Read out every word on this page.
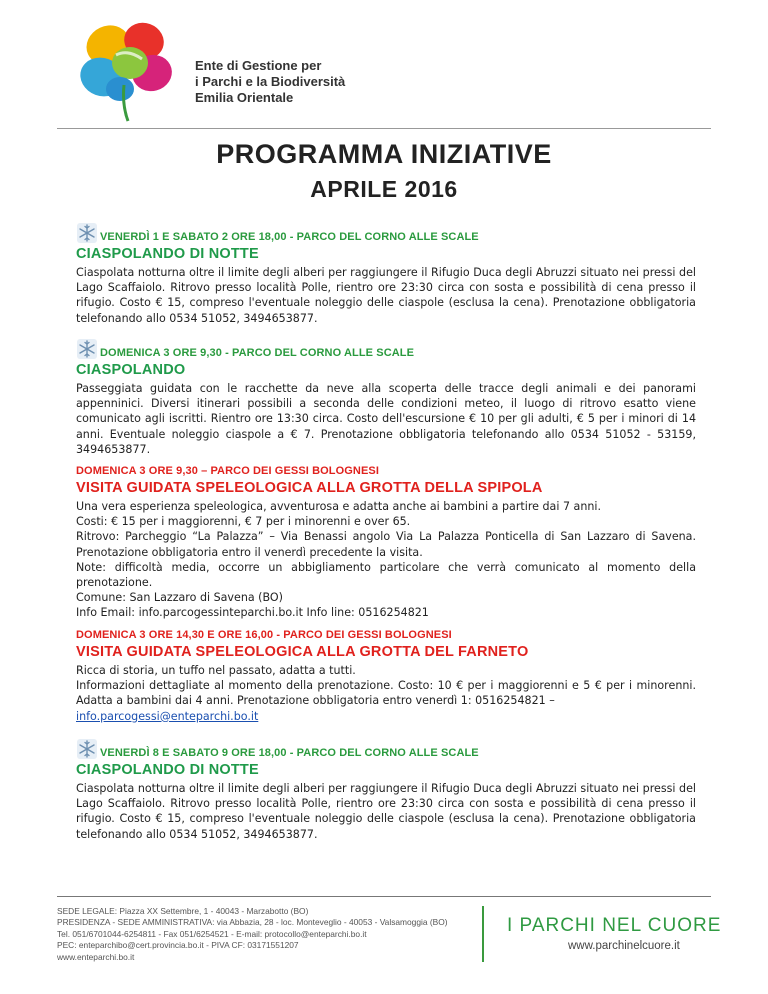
Ente di Gestione per
i Parchi e la Biodiversità
Emilia Orientale
PROGRAMMA INIZIATIVE
APRILE 2016
VENERDÌ 1 E SABATO 2 ORE 18,00 - PARCO DEL CORNO ALLE SCALE
CIASPOLANDO DI NOTTE
Ciaspolata notturna oltre il limite degli alberi per raggiungere il Rifugio Duca degli Abruzzi situato nei pressi del Lago Scaffaiolo. Ritrovo presso località Polle, rientro ore 23:30 circa con sosta e possibilità di cena presso il rifugio. Costo € 15, compreso l'eventuale noleggio delle ciaspole (esclusa la cena). Prenotazione obbligatoria telefonando allo 0534 51052, 3494653877.
DOMENICA 3 ORE 9,30 - PARCO DEL CORNO ALLE SCALE
CIASPOLANDO
Passeggiata guidata con le racchette da neve alla scoperta delle tracce degli animali e dei panorami appenninici. Diversi itinerari possibili a seconda delle condizioni meteo, il luogo di ritrovo esatto viene comunicato agli iscritti. Rientro ore 13:30 circa. Costo dell'escursione € 10 per gli adulti, € 5 per i minori di 14 anni. Eventuale noleggio ciaspole a € 7. Prenotazione obbligatoria telefonando allo 0534 51052 - 53159, 3494653877.
DOMENICA 3 ORE 9,30 – PARCO DEI GESSI BOLOGNESI
VISITA GUIDATA SPELEOLOGICA ALLA GROTTA DELLA SPIPOLA

Una vera esperienza speleologica, avventurosa e adatta anche ai bambini a partire dai 7 anni.

Costi: € 15 per i maggiorenni, € 7 per i minorenni e over 65.

Ritrovo: Parcheggio “La Palazza” – Via Benassi angolo Via La Palazza Ponticella di San Lazzaro di Savena. Prenotazione obbligatoria entro il venerdì precedente la visita.

Note: difficoltà media, occorre un abbigliamento particolare che verrà comunicato al momento della prenotazione.

Comune: San Lazzaro di Savena (BO)

Info Email: info.parcogessinteparchi.bo.it Info line: 0516254821

DOMENICA 3 ORE 14,30 E ORE 16,00 - PARCO DEI GESSI BOLOGNESI
VISITA GUIDATA SPELEOLOGICA ALLA GROTTA DEL FARNETO

Ricca di storia, un tuffo nel passato, adatta a tutti.

Informazioni dettagliate al momento della prenotazione. Costo: 10 € per i maggiorenni e 5 € per i minorenni. Adatta a bambini dai 4 anni. Prenotazione obbligatoria entro venerdì 1: 0516254821 –
info.parcogessi@enteparchi.bo.it

VENERDÌ 8 E SABATO 9 ORE 18,00 - PARCO DEL CORNO ALLE SCALE
CIASPOLANDO DI NOTTE
Ciaspolata notturna oltre il limite degli alberi per raggiungere il Rifugio Duca degli Abruzzi situato nei pressi del Lago Scaffaiolo. Ritrovo presso località Polle, rientro ore 23:30 circa con sosta e possibilità di cena presso il rifugio. Costo € 15, compreso l'eventuale noleggio delle ciaspole (esclusa la cena). Prenotazione obbligatoria telefonando allo 0534 51052, 3494653877.
SEDE LEGALE: Piazza XX Settembre, 1 - 40043 - Marzabotto (BO)
PRESIDENZA - SEDE AMMINISTRATIVA: via Abbazia, 28 - loc. Monteveglio - 40053 - Valsamoggia (BO)
Tel. 051/6701044-6254811 - Fax 051/6254521 - E-mail: protocollo@enteparchi.bo.it
PEC: enteparchibo@cert.provincia.bo.it - PIVA CF: 03171551207
www.enteparchi.bo.it
I PARCHI NEL CUORE
www.parchinelcuore.it
